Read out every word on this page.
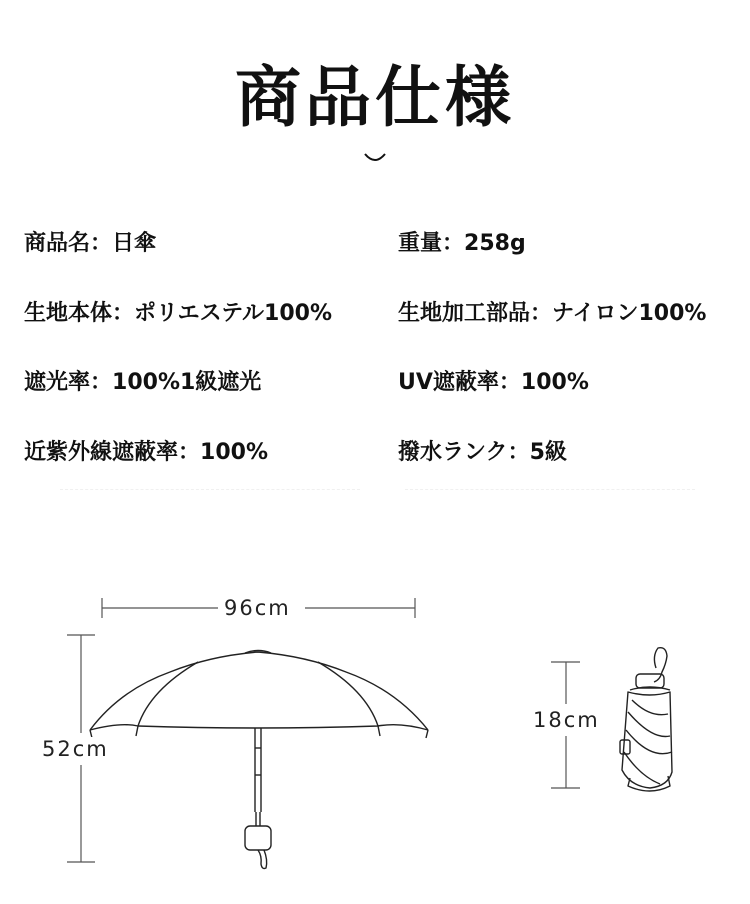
商品仕様
商品名：日傘	重量：258g
生地本体：ポリエステル100%	生地加工部品：ナイロン100%
遮光率：100%1級遮光	UV遮蔽率：100%
近紫外線遮蔽率：100%	撥水ランク：5級
96cm
52cm
18cm
